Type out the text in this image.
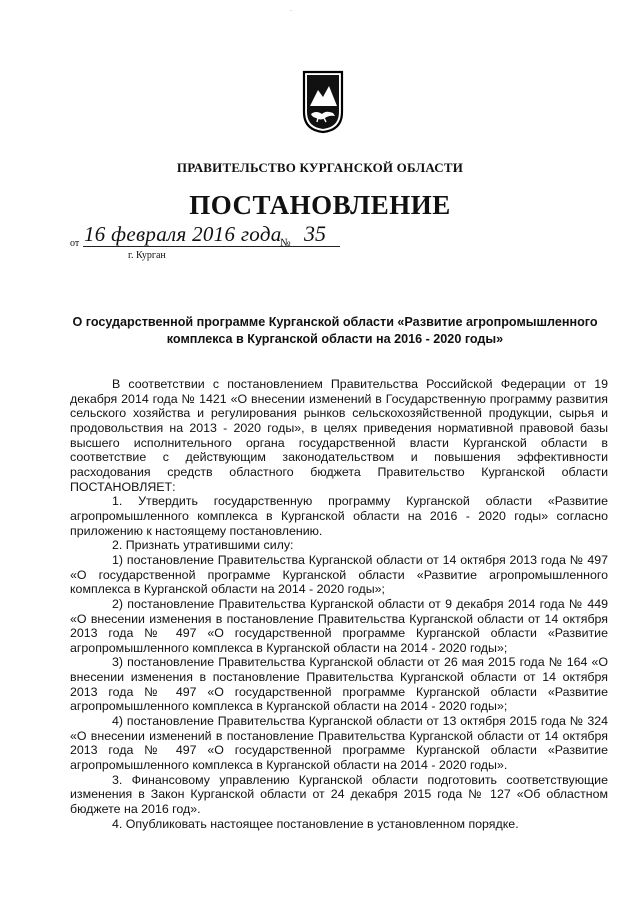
·
ПРАВИТЕЛЬСТВО КУРГАНСКОЙ ОБЛАСТИ
ПОСТАНОВЛЕНИЕ
от 16 февраля 2016 года
№ 35
г. Курган
О государственной программе Курганской области «Развитие агропромышленного комплекса в Курганской области на 2016 - 2020 годы»

В соответствии с постановлением Правительства Российской Федерации от 19 декабря 2014 года № 1421 «О внесении изменений в Государственную программу развития сельского хозяйства и регулирования рынков сельскохозяйственной продукции, сырья и продовольствия на 2013 - 2020 годы», в целях приведения нормативной правовой базы высшего исполнительного органа государственной власти Курганской области в соответствие с действующим законодательством и повышения эффективности расходования средств областного бюджета Правительство Курганской области ПОСТАНОВЛЯЕТ:

1. Утвердить государственную программу Курганской области «Развитие агропромышленного комплекса в Курганской области на 2016 - 2020 годы» согласно приложению к настоящему постановлению.

2. Признать утратившими силу:

1) постановление Правительства Курганской области от 14 октября 2013 года № 497 «О государственной программе Курганской области «Развитие агропромышленного комплекса в Курганской области на 2014 - 2020 годы»;

2) постановление Правительства Курганской области от 9 декабря 2014 года № 449 «О внесении изменения в постановление Правительства Курганской области от 14 октября 2013 года № 497 «О государственной программе Курганской области «Развитие агропромышленного комплекса в Курганской области на 2014 - 2020 годы»;

3) постановление Правительства Курганской области от 26 мая 2015 года № 164 «О внесении изменения в постановление Правительства Курганской области от 14 октября 2013 года № 497 «О государственной программе Курганской области «Развитие агропромышленного комплекса в Курганской области на 2014 - 2020 годы»;

4) постановление Правительства Курганской области от 13 октября 2015 года № 324 «О внесении изменений в постановление Правительства Курганской области от 14 октября 2013 года № 497 «О государственной программе Курганской области «Развитие агропромышленного комплекса в Курганской области на 2014 - 2020 годы».

3. Финансовому управлению Курганской области подготовить соответствующие изменения в Закон Курганской области от 24 декабря 2015 года № 127 «Об областном бюджете на 2016 год».

4. Опубликовать настоящее постановление в установленном порядке.
